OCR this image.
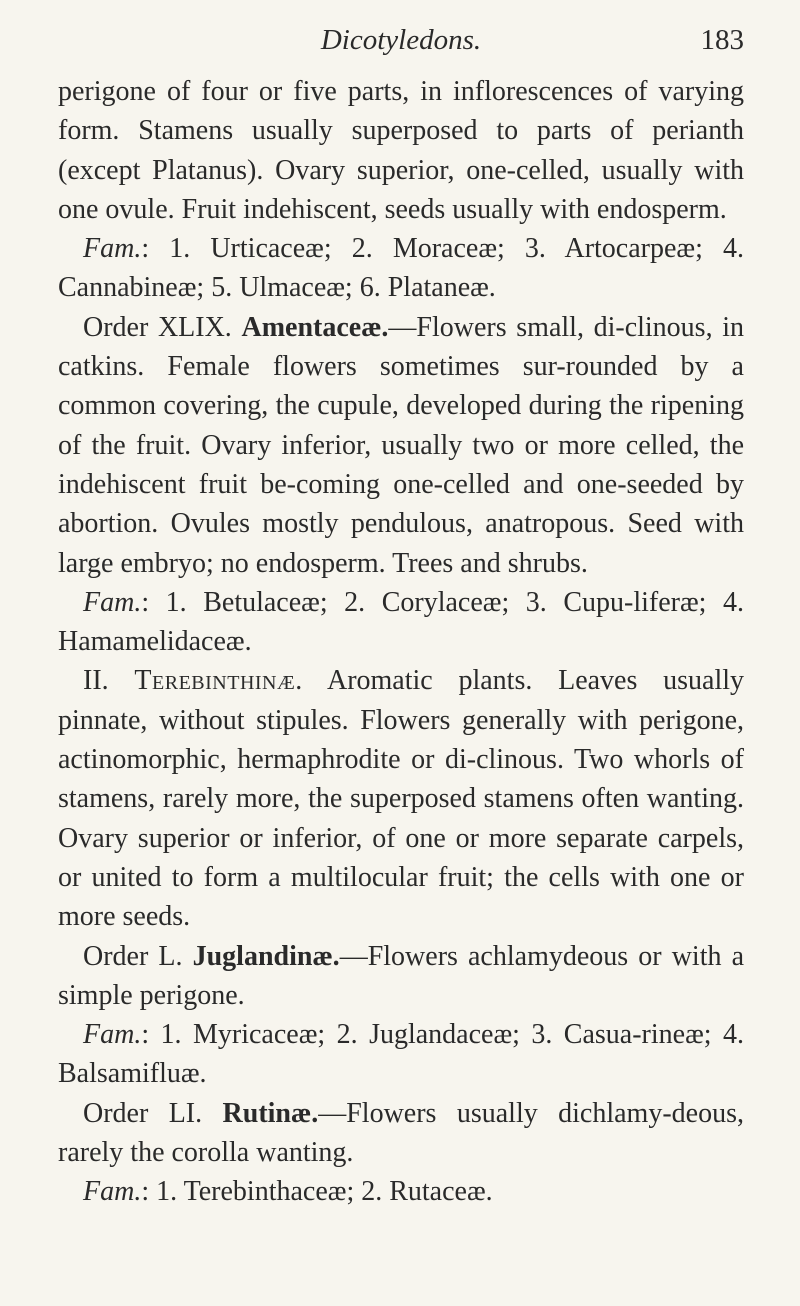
Dicotyledons.	183

perigone of four or five parts, in inflorescences of varying form. Stamens usually superposed to parts of perianth (except Platanus). Ovary superior, one-celled, usually with one ovule. Fruit indehiscent, seeds usually with endosperm.

Fam.: 1. Urticaceæ; 2. Moraceæ; 3. Artocarpeæ; 4. Cannabineæ; 5. Ulmaceæ; 6. Plataneæ.

Order XLIX. Amentaceæ.—Flowers small, di-clinous, in catkins. Female flowers sometimes sur-rounded by a common covering, the cupule, developed during the ripening of the fruit. Ovary inferior, usually two or more celled, the indehiscent fruit be-coming one-celled and one-seeded by abortion. Ovules mostly pendulous, anatropous. Seed with large embryo; no endosperm. Trees and shrubs.

Fam.: 1. Betulaceæ; 2. Corylaceæ; 3. Cupu-liferæ; 4. Hamamelidaceæ.

II. Terebinthinæ. Aromatic plants. Leaves usually pinnate, without stipules. Flowers generally with perigone, actinomorphic, hermaphrodite or di-clinous. Two whorls of stamens, rarely more, the superposed stamens often wanting. Ovary superior or inferior, of one or more separate carpels, or united to form a multilocular fruit; the cells with one or more seeds.

Order L. Juglandinæ.—Flowers achlamydeous or with a simple perigone.

Fam.: 1. Myricaceæ; 2. Juglandaceæ; 3. Casua-rineæ; 4. Balsamifluæ.

Order LI. Rutinæ.—Flowers usually dichlamy-deous, rarely the corolla wanting.

Fam.: 1. Terebinthaceæ; 2. Rutaceæ.
